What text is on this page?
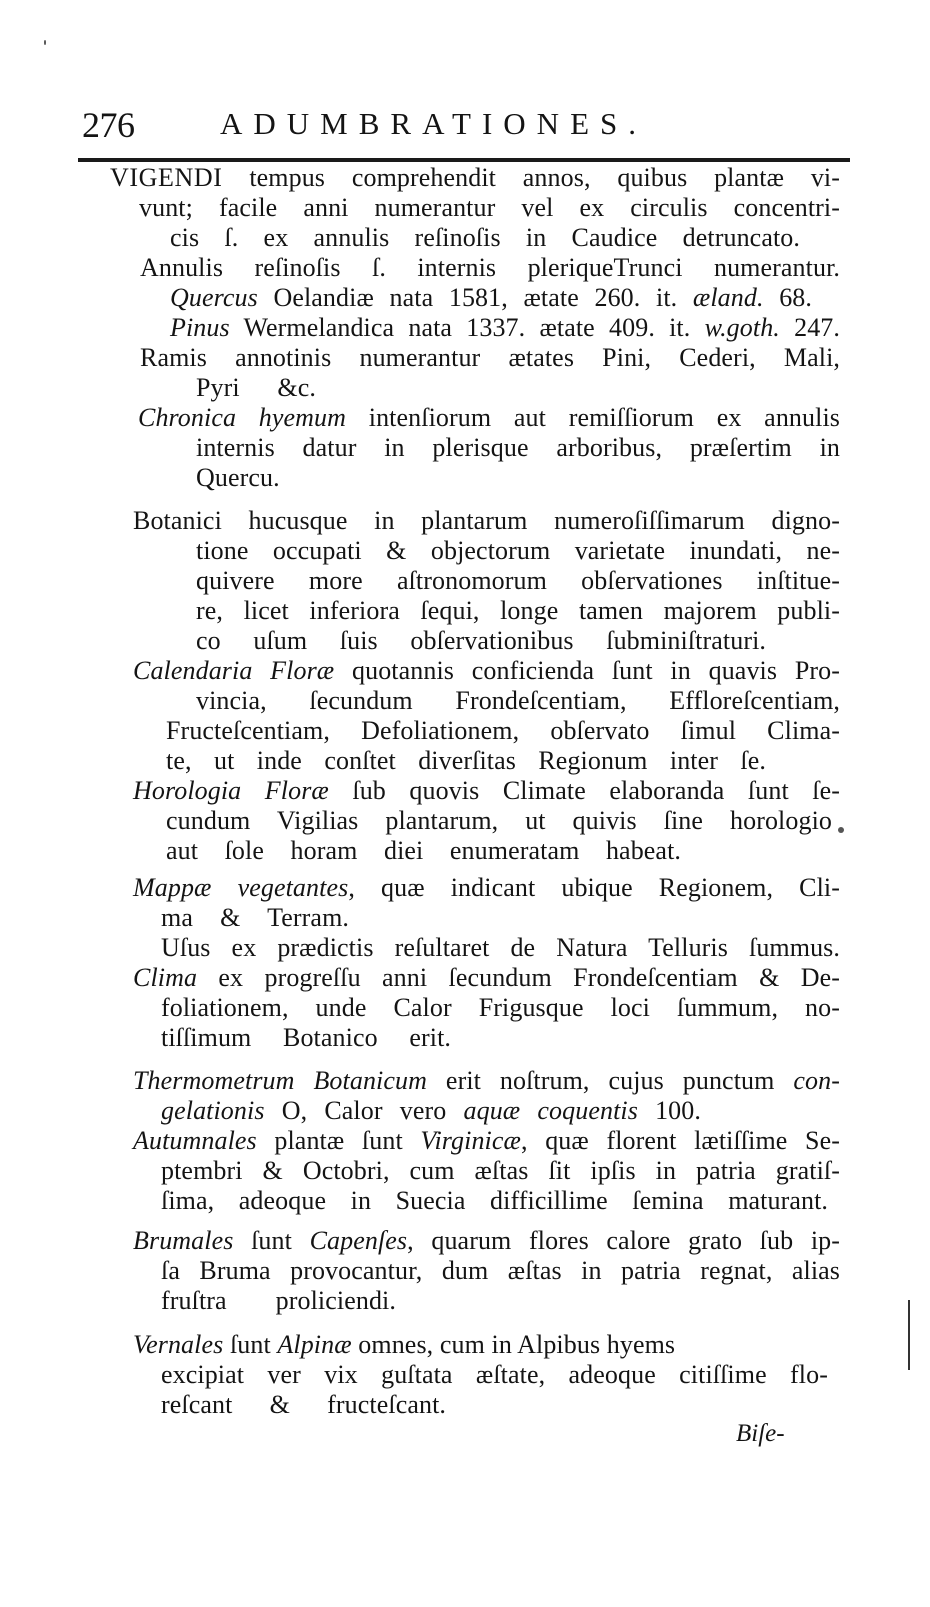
276	ADUMBRATIONES.
VIGENDI tempus comprehendit annos, quibus plantæ vi-
vunt; facile anni numerantur vel ex circulis concentri-
cis ſ. ex annulis reſinoſis in Caudice detruncato.
Annulis reſinoſis ſ. internis pleriqueTrunci numerantur.
Quercus Oelandiæ nata 1581, ætate 260. it. æland. 68.
Pinus Wermelandica nata 1337. ætate 409. it. w.goth. 247.
Ramis annotinis numerantur ætates Pini, Cederi, Mali,
Pyri &c.
Chronica hyemum intenſiorum aut remiſſiorum ex annulis
internis datur in plerisque arboribus, præſertim in
Quercu.
Botanici hucusque in plantarum numeroſiſſimarum digno-
tione occupati & objectorum varietate inundati, ne-
quivere more aſtronomorum obſervationes inſtitue-
re, licet inferiora ſequi, longe tamen majorem publi-
co uſum ſuis obſervationibus ſubminiſtraturi.
Calendaria Floræ quotannis conficienda ſunt in quavis Pro-
vincia, ſecundum Frondeſcentiam, Effloreſcentiam,
Fructeſcentiam, Defoliationem, obſervato ſimul Clima-
te, ut inde conſtet diverſitas Regionum inter ſe.
Horologia Floræ ſub quovis Climate elaboranda ſunt ſe-
cundum Vigilias plantarum, ut quivis ſine horologio
aut ſole horam diei enumeratam habeat.
Mappæ vegetantes, quæ indicant ubique Regionem, Cli-
ma & Terram.
Uſus ex prædictis reſultaret de Natura Telluris ſummus.
Clima ex progreſſu anni ſecundum Frondeſcentiam & De-
foliationem, unde Calor Frigusque loci ſummum, no-
tiſſimum Botanico erit.
Thermometrum Botanicum erit noſtrum, cujus punctum con-
gelationis O, Calor vero aquæ coquentis 100.
Autumnales plantæ ſunt Virginicæ, quæ florent lætiſſime Se-
ptembri & Octobri, cum æſtas ſit ipſis in patria gratiſ-
ſima, adeoque in Suecia difficillime ſemina maturant.
Brumales ſunt Capenſes, quarum flores calore grato ſub ip-
ſa Bruma provocantur, dum æſtas in patria regnat, alias
fruſtra proliciendi.
Vernales ſunt Alpinæ omnes, cum in Alpibus hyems
excipiat ver vix guſtata æſtate, adeoque citiſſime flo-
reſcant & fructeſcant.
Biſe-
